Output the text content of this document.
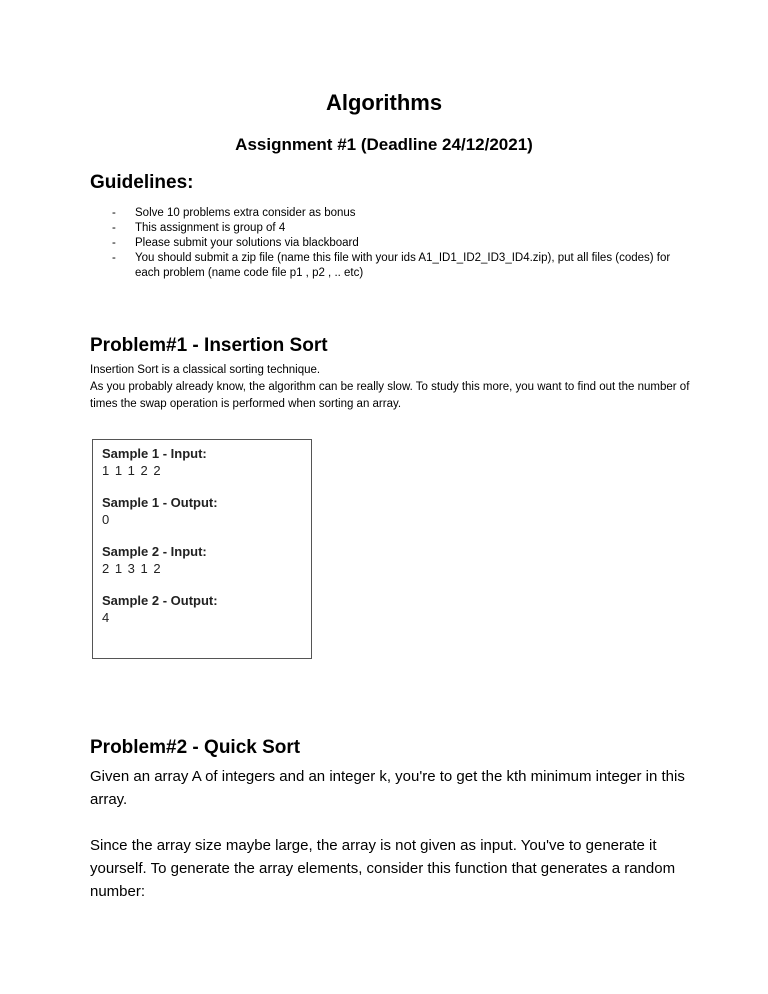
Algorithms
Assignment #1 (Deadline 24/12/2021)
Guidelines:
-	Solve 10 problems extra consider as bonus
-	This assignment is group of 4
-	Please submit your solutions via blackboard
-	You should submit a zip file (name this file with your ids A1_ID1_ID2_ID3_ID4.zip), put all files (codes) for each problem (name code file p1 , p2 , .. etc)
Problem#1 - Insertion Sort

Insertion Sort is a classical sorting technique.

As you probably already know, the algorithm can be really slow. To study this more, you want to find out the number of times the swap operation is performed when sorting an array.

Sample 1 - Input:
1 1 1 2 2
Sample 1 - Output:
0
Sample 2 - Input:
2 1 3 1 2
Sample 2 - Output:
4
Problem#2 - Quick Sort

Given an array A of integers and an integer k, you're to get the kth minimum integer in this array.

Since the array size maybe large, the array is not given as input. You've to generate it yourself. To generate the array elements, consider this function that generates a random number:
